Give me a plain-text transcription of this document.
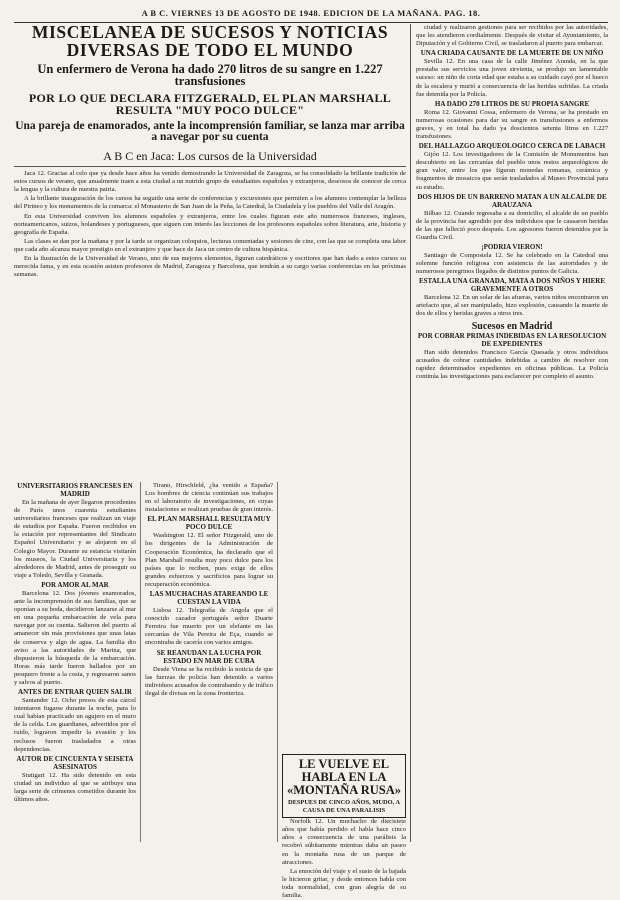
A B C. VIERNES 13 DE AGOSTO DE 1948. EDICION DE LA MAÑANA. PAG. 18.
MISCELANEA DE SUCESOS Y NOTICIAS DIVERSAS DE TODO EL MUNDO
Un enfermero de Verona ha dado 270 litros de su sangre en 1.227 transfusiones
POR LO QUE DECLARA FITZGERALD, EL PLAN MARSHALL RESULTA "MUY POCO DULCE"
Una pareja de enamorados, ante la incomprensión familiar, se lanza mar arriba a navegar por su cuenta
A B C en Jaca: Los cursos de la Universidad

Jaca 12. Gracias al celo que ya desde hace años ha venido demostrando la Universidad de Zaragoza, se ha consolidado la brillante tradición de estos cursos de verano, que anualmente traen a esta ciudad a un nutrido grupo de estudiantes españoles y extranjeros, deseosos de conocer de cerca la lengua y la cultura de nuestra patria.

A la brillante inauguración de los cursos ha seguido una serie de conferencias y excursiones que permiten a los alumnos contemplar la belleza del Pirineo y los monumentos de la comarca: el Monasterio de San Juan de la Peña, la Catedral, la Ciudadela y los pueblos del Valle del Aragón.

En esta Universidad conviven los alumnos españoles y extranjeros, entre los cuales figuran este año numerosos franceses, ingleses, norteamericanos, suizos, holandeses y portugueses, que siguen con interés las lecciones de los profesores españoles sobre literatura, arte, historia y geografía de España.

Las clases se dan por la mañana y por la tarde se organizan coloquios, lecturas comentadas y sesiones de cine, con las que se completa una labor que cada año alcanza mayor prestigio en el extranjero y que hace de Jaca un centro de cultura hispánica.

En la ilustración de la Universidad de Verano, uno de sus mejores elementos, figuran catedráticos y escritores que han dado a estos cursos su merecida fama, y en esta ocasión asisten profesores de Madrid, Zaragoza y Barcelona, que tendrán a su cargo varias conferencias en las próximas semanas.

UNIVERSITARIOS FRANCESES EN MADRID

En la mañana de ayer llegaron procedentes de París unos cuarenta estudiantes universitarios franceses que realizan un viaje de estudios por España. Fueron recibidos en la estación por representantes del Sindicato Español Universitario y se alojaron en el Colegio Mayor. Durante su estancia visitarán los museos, la Ciudad Universitaria y los alrededores de Madrid, antes de proseguir su viaje a Toledo, Sevilla y Granada.

POR AMOR AL MAR

Barcelona 12. Dos jóvenes enamorados, ante la incomprensión de sus familias, que se oponían a su boda, decidieron lanzarse al mar en una pequeña embarcación de vela para navegar por su cuenta. Salieron del puerto al amanecer sin más provisiones que unas latas de conserva y algo de agua. La familia dio aviso a las autoridades de Marina, que dispusieron la búsqueda de la embarcación. Horas más tarde fueron hallados por un pesquero frente a la costa, y regresaron sanos y salvos al puerto.

ANTES DE ENTRAR QUIEN SALIR

Santander 12. Ocho presos de esta cárcel intentaron fugarse durante la noche, para lo cual habían practicado un agujero en el muro de la celda. Los guardianes, advertidos por el ruido, lograron impedir la evasión y los reclusos fueron trasladados a otras dependencias.

AUTOR DE CINCUENTA Y SEISETA ASESINATOS

Stuttgart 12. Ha sido detenido en esta ciudad un individuo al que se atribuye una larga serie de crímenes cometidos durante los últimos años.

Tirano, Hirschfeld, ¿ha venido a España? Los hombres de ciencia continúan sus trabajos en el laboratorio de investigaciones, en cuyas instalaciones se realizan pruebas de gran interés.

EL PLAN MARSHALL RESULTA MUY POCO DULCE

Washington 12. El señor Fitzgerald, uno de los dirigentes de la Administración de Cooperación Económica, ha declarado que el Plan Marshall resulta muy poco dulce para los países que lo reciben, pues exige de ellos grandes esfuerzos y sacrificios para lograr su recuperación económica.

LAS MUCHACHAS ATAREANDO LE CUESTAN LA VIDA

Lisboa 12. Telegrafía de Angola que el conocido cazador portugués señor Duarte Ferreira fue muerto por un elefante en las cercanías de Vila Pereira de Eça, cuando se encontraba de cacería con varios amigos.

SE REANUDAN LA LUCHA POR ESTADO EN MAR DE CUBA

Desde Viena se ha recibido la noticia de que las fuerzas de policía han detenido a varios individuos acusados de contrabando y de tráfico ilegal de divisas en la zona fronteriza.

LE VUELVE EL HABLA EN LA «MONTAÑA RUSA»
DESPUES DE CINCO AÑOS, MUDO, A CAUSA DE UNA PARALISIS

Norfolk 12. Un muchacho de diecisiete años que había perdido el habla hace cinco años a consecuencia de una parálisis la recobró súbitamente mientras daba un paseo en la montaña rusa de un parque de atracciones.

La emoción del viaje y el susto de la bajada le hicieron gritar, y desde entonces habla con toda normalidad, con gran alegría de su familia.

ciudad y realizaron gestiones para ser recibidos por las autoridades, que les atendieron cordialmente. Después de visitar el Ayuntamiento, la Diputación y el Gobierno Civil, se trasladaron al puerto para embarcar.

UNA CRIADA CAUSANTE DE LA MUERTE DE UN NIÑO

Sevilla 12. En una casa de la calle Jiménez Aranda, en la que prestaba sus servicios una joven sirvienta, se produjo un lamentable suceso: un niño de corta edad que estaba a su cuidado cayó por el hueco de la escalera y murió a consecuencia de las heridas sufridas. La criada fue detenida por la Policía.

HA DADO 270 LITROS DE SU PROPIA SANGRE

Roma 12. Giovanni Cossa, enfermero de Verona, se ha prestado en numerosas ocasiones para dar su sangre en transfusiones a enfermos graves, y en total ha dado ya doscientos setenta litros en 1.227 transfusiones.

DEL HALLAZGO ARQUEOLOGICO CERCA DE LABACH

Gijón 12. Los investigadores de la Comisión de Monumentos han descubierto en las cercanías del pueblo unos restos arqueológicos de gran valor, entre los que figuran monedas romanas, cerámica y fragmentos de mosaicos que serán trasladados al Museo Provincial para su estudio.

DOS HIJOS DE UN BARRENO MATAN A UN ALCALDE DE ARAUZANA

Bilbao 12. Cuando regresaba a su domicilio, el alcalde de un pueblo de la provincia fue agredido por dos individuos que le causaron heridas de las que falleció poco después. Los agresores fueron detenidos por la Guardia Civil.

¡PODRIA VIERON!

Santiago de Compostela 12. Se ha celebrado en la Catedral una solemne función religiosa con asistencia de las autoridades y de numerosos peregrinos llegados de distintos puntos de Galicia.

ESTALLA UNA GRANADA, MATA A DOS NIÑOS Y HIERE GRAVEMENTE A OTROS

Barcelona 12. En un solar de las afueras, varios niños encontraron un artefacto que, al ser manipulado, hizo explosión, causando la muerte de dos de ellos y heridas graves a otros tres.

Sucesos en Madrid

POR COBRAR PRIMAS INDEBIDAS EN LA RESOLUCION DE EXPEDIENTES

Han sido detenidos Francisco García Quesada y otros individuos acusados de cobrar cantidades indebidas a cambio de resolver con rapidez determinados expedientes en oficinas públicas. La Policía continúa las investigaciones para esclarecer por completo el asunto.
